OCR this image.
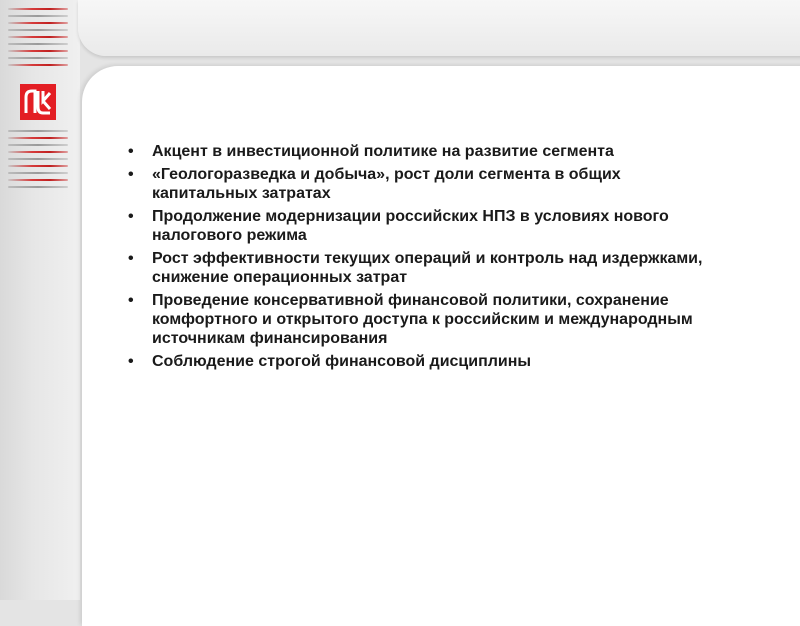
• Акцент в инвестиционной политике на развитие сегмента
• «Геологоразведка и добыча», рост доли сегмента в общих капитальных затратах
• Продолжение модернизации российских НПЗ в условиях нового налогового режима
• Рост эффективности текущих операций и контроль над издержками, снижение операционных затрат
• Проведение консервативной финансовой политики, сохранение комфортного и открытого доступа к российским и международным источникам финансирования
• Соблюдение строгой финансовой дисциплины
